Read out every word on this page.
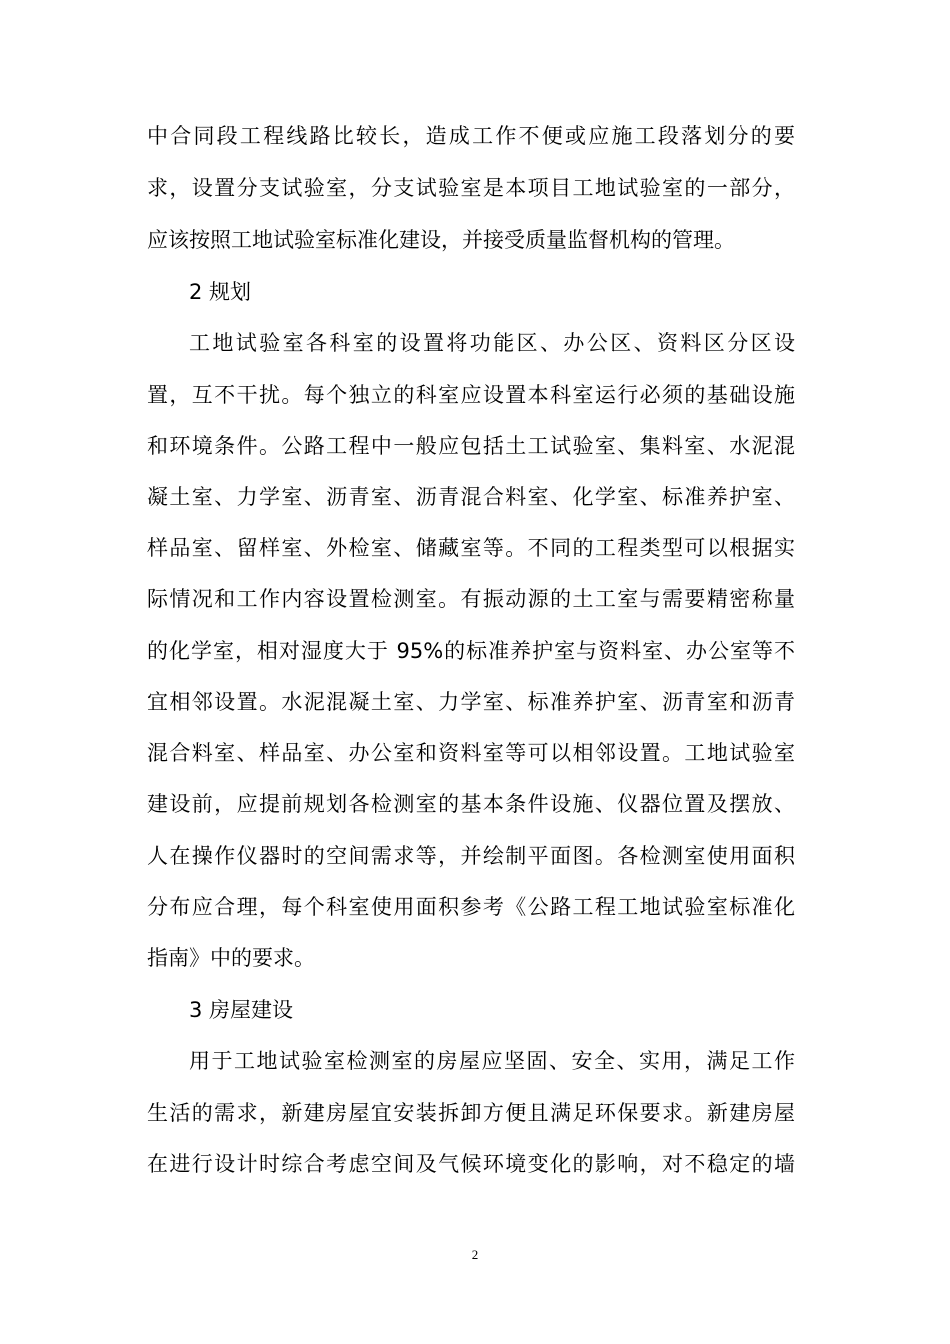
中合同段工程线路比较长，造成工作不便或应施工段落划分的要
求，设置分支试验室，分支试验室是本项目工地试验室的一部分，
应该按照工地试验室标准化建设，并接受质量监督机构的管理。
2 规划
工地试验室各科室的设置将功能区、办公区、资料区分区设
置，互不干扰。每个独立的科室应设置本科室运行必须的基础设施
和环境条件。公路工程中一般应包括土工试验室、集料室、水泥混
凝土室、力学室、沥青室、沥青混合料室、化学室、标准养护室、
样品室、留样室、外检室、储藏室等。不同的工程类型可以根据实
际情况和工作内容设置检测室。有振动源的土工室与需要精密称量
的化学室，相对湿度大于 95%的标准养护室与资料室、办公室等不
宜相邻设置。水泥混凝土室、力学室、标准养护室、沥青室和沥青
混合料室、样品室、办公室和资料室等可以相邻设置。工地试验室
建设前，应提前规划各检测室的基本条件设施、仪器位置及摆放、
人在操作仪器时的空间需求等，并绘制平面图。各检测室使用面积
分布应合理，每个科室使用面积参考《公路工程工地试验室标准化
指南》中的要求。
3 房屋建设
用于工地试验室检测室的房屋应坚固、安全、实用，满足工作
生活的需求，新建房屋宜安装拆卸方便且满足环保要求。新建房屋
在进行设计时综合考虑空间及气候环境变化的影响，对不稳定的墙
2
